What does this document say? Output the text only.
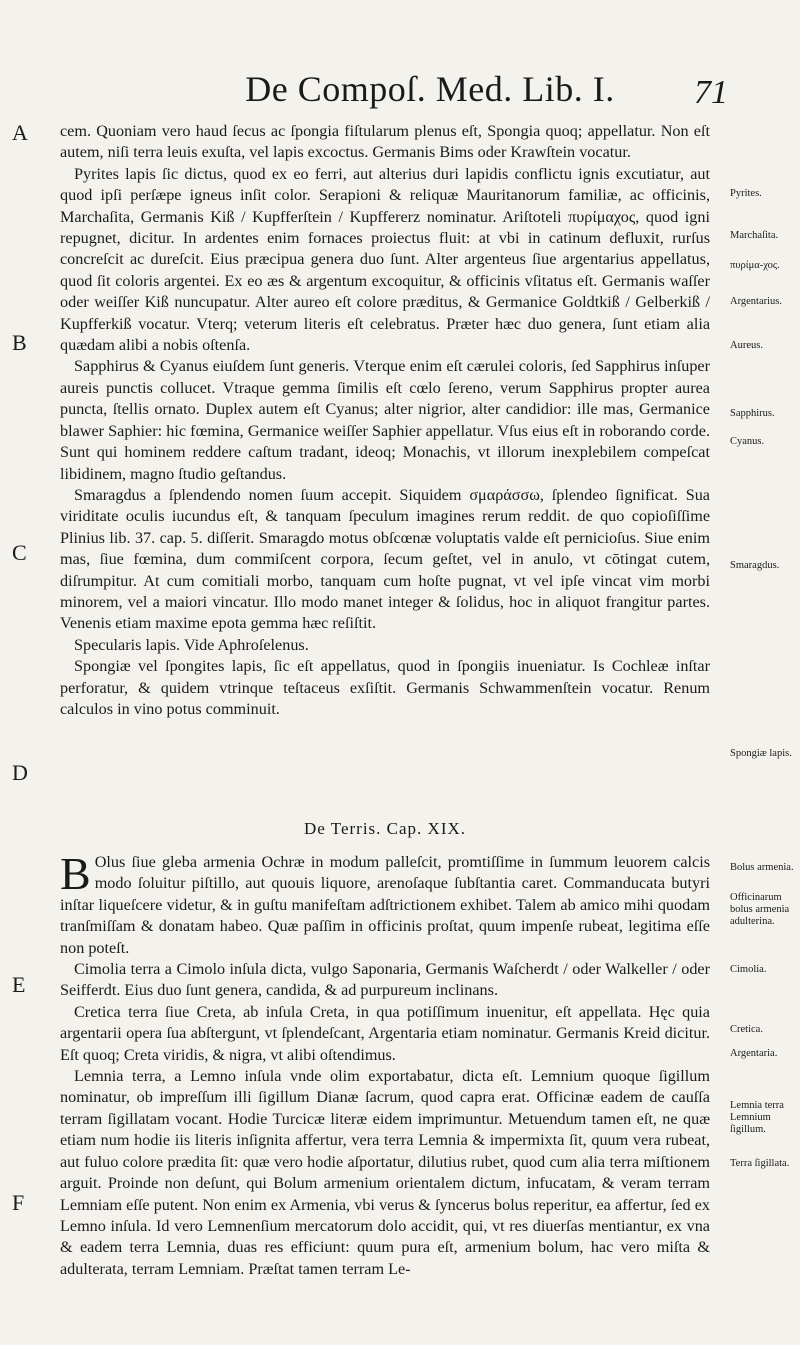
De Compoſ. Med. Lib. I.	71
A
B
C
D
E
F

cem. Quoniam vero haud ſecus ac ſpongia fiſtularum plenus eſt, Spongia quoq; appellatur. Non eſt autem, niſi terra leuis exuſta, vel lapis excoctus. Germanis Bims oder Krawſtein vocatur.

Pyrites lapis ſic dictus, quod ex eo ferri, aut alterius duri lapidis conflictu ignis excutiatur, aut quod ipſi perſæpe igneus inſit color. Serapioni & reliquæ Mauritanorum familiæ, ac officinis, Marchaſita, Germanis Kiß / Kupfferſtein / Kupffererz nominatur. Ariſtoteli πυρίμαχος, quod igni repugnet, dicitur. In ardentes enim fornaces proiectus fluit: at vbi in catinum defluxit, rurſus concreſcit ac dureſcit. Eius præcipua genera duo ſunt. Alter argenteus ſiue argentarius appellatus, quod ſit coloris argentei. Ex eo æs & argentum excoquitur, & officinis vſitatus eſt. Germanis waſſer oder weiſſer Kiß nuncupatur. Alter aureo eſt colore præditus, & Germanice Goldtkiß / Gelberkiß / Kupfferkiß vocatur. Vterq; veterum literis eſt celebratus. Præter hæc duo genera, ſunt etiam alia quædam alibi a nobis oſtenſa.

Sapphirus & Cyanus eiuſdem ſunt generis. Vterque enim eſt cærulei coloris, ſed Sapphirus inſuper aureis punctis collucet. Vtraque gemma ſimilis eſt cœlo ſereno, verum Sapphirus propter aurea puncta, ſtellis ornato. Duplex autem eſt Cyanus; alter nigrior, alter candidior: ille mas, Germanice blawer Saphier: hic fœmina, Germanice weiſſer Saphier appellatur. Vſus eius eſt in roborando corde. Sunt qui hominem reddere caſtum tradant, ideoq; Monachis, vt illorum inexplebilem compeſcat libidinem, magno ſtudio geſtandus.

Smaragdus a ſplendendo nomen ſuum accepit. Siquidem σμαράσσω, ſplendeo ſignificat. Sua viriditate oculis iucundus eſt, & tanquam ſpeculum imagines rerum reddit. de quo copioſiſſime Plinius lib. 37. cap. 5. diſſerit. Smaragdo motus obſcœnæ voluptatis valde eſt pernicioſus. Siue enim mas, ſiue fœmina, dum commiſcent corpora, ſecum geſtet, vel in anulo, vt cōtingat cutem, diſrumpitur. At cum comitiali morbo, tanquam cum hoſte pugnat, vt vel ipſe vincat vim morbi minorem, vel a maiori vincatur. Illo modo manet integer & ſolidus, hoc in aliquot frangitur partes. Venenis etiam maxime epota gemma hæc reſiſtit.

Specularis lapis. Vide Aphroſelenus.

Spongiæ vel ſpongites lapis, ſic eſt appellatus, quod in ſpongiis inueniatur. Is Cochleæ inſtar perforatur, & quidem vtrinque teſtaceus exſiſtit. Germanis Schwammenſtein vocatur. Renum calculos in vino potus comminuit.

De Terris. Cap. XIX.

B Olus ſiue gleba armenia Ochræ in modum palleſcit, promtiſſime in ſummum leuorem calcis modo ſoluitur piſtillo, aut quouis liquore, arenoſaque ſubſtantia caret. Commanducata butyri inſtar liqueſcere videtur, & in guſtu manifeſtam adſtrictionem exhibet. Talem ab amico mihi quodam tranſmiſſam & donatam habeo. Quæ paſſim in officinis proſtat, quum impenſe rubeat, legitima eſſe non poteſt.

Cimolia terra a Cimolo inſula dicta, vulgo Saponaria, Germanis Waſcherdt / oder Walkeller / oder Seifferdt. Eius duo ſunt genera, candida, & ad purpureum inclinans.

Cretica terra ſiue Creta, ab inſula Creta, in qua potiſſimum inuenitur, eſt appellata. Hęc quia argentarii opera ſua abſtergunt, vt ſplendeſcant, Argentaria etiam nominatur. Germanis Kreid dicitur. Eſt quoq; Creta viridis, & nigra, vt alibi oſtendimus.

Lemnia terra, a Lemno inſula vnde olim exportabatur, dicta eſt. Lemnium quoque ſigillum nominatur, ob impreſſum illi ſigillum Dianæ ſacrum, quod capra erat. Officinæ eadem de cauſſa terram ſigillatam vocant. Hodie Turcicæ literæ eidem imprimuntur. Metuendum tamen eſt, ne quæ etiam num hodie iis literis inſignita affertur, vera terra Lemnia & impermixta ſit, quum vera rubeat, aut fuluo colore prædita ſit: quæ vero hodie aſportatur, dilutius rubet, quod cum alia terra miſtionem arguit. Proinde non deſunt, qui Bolum armenium orientalem dictum, infucatam, & veram terram Lemniam eſſe putent. Non enim ex Armenia, vbi verus & ſyncerus bolus reperitur, ea affertur, ſed ex Lemno inſula. Id vero Lemnenſium mercatorum dolo accidit, qui, vt res diuerſas mentiantur, ex vna & eadem terra Lemnia, duas res efficiunt: quum pura eſt, armenium bolum, hac vero miſta & adulterata, terram Lemniam. Præſtat tamen terram Le-

Pyrites.
Marchaſita.
πυρίμα-χος.
Argentarius.
Aureus.
Sapphirus.
Cyanus.
Smaragdus.
Spongiæ lapis.
Bolus armenia.
Officinarum bolus armenia adulterina.
Cimolia.
Cretica.
Argentaria.
Lemnia terra Lemnium ſigillum.
Terra ſigillata.
